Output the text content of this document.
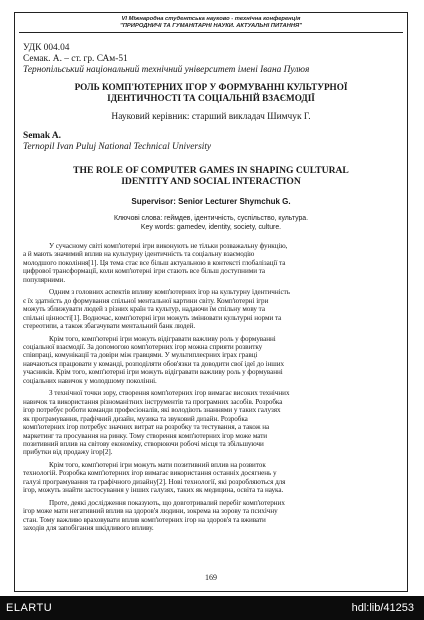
VI Міжнародна студентська науково - технічна конференція
"ПРИРОДНИЧІ ТА ГУМАНІТАРНІ НАУКИ. АКТУАЛЬНІ ПИТАННЯ"
УДК 004.04
Семак. А. – ст. гр. САм-51
Тернопільський національний технічний університет імені Івана Пулюя
РОЛЬ КОМП'ЮТЕРНИХ ІГОР У ФОРМУВАННІ КУЛЬТУРНОЇ
ІДЕНТИЧНОСТІ ТА СОЦІАЛЬНІЙ ВЗАЄМОДІЇ
Науковий керівник: старший викладач Шимчук Г.
Semak A.
Ternopil Ivan Puluj National Technical University
THE ROLE OF COMPUTER GAMES IN SHAPING CULTURAL
IDENTITY AND SOCIAL INTERACTION
Supervisor: Senior Lecturer Shymchuk G.
Ключові слова: геймдев, ідентичність, суспільство, культура.
Key words: gamedev, identity, society, culture.
У сучасному світі комп'ютерні ігри виконують не тільки розважальну функцію,
а й мають значимий вплив на культурну ідентичність та соціальну взаємодію
молодшого покоління[1]. Ця тема стає все більш актуальною в контексті глобалізації та
цифрової трансформації, коли комп'ютерні ігри стають все більш доступними та
популярними.
Одним з головних аспектів впливу комп'ютерних ігор на культурну ідентичність
є їх здатність до формування спільної ментальної картини світу. Комп'ютерні ігри
можуть зближувати людей з різних країн та культур, надаючи їм спільну мову та
спільні цінності[1]. Водночас, комп'ютерні ігри можуть змінювати культурні норми та
стереотипи, а також збагачувати ментальний банк людей.
Крім того, комп'ютерні ігри можуть відігравати важливу роль у формуванні
соціальної взаємодії. За допомогою комп'ютерних ігор можна сприяти розвитку
співпраці, комунікації та довіри між гравцями. У мультиплеєрних іграх гравці
навчаються працювати у команді, розподіляти обов'язки та доводити свої ідеї до інших
учасників. Крім того, комп'ютерні ігри можуть відігравати важливу роль у формуванні
соціальних навичок у молодшому поколінні.
З технічної точки зору, створення комп'ютерних ігор вимагає високих технічних
навичок та використання різноманітних інструментів та програмних засобів. Розробка
ігор потребує роботи команди професіоналів, які володіють знаннями у таких галузях
як програмування, графічний дизайн, музика та звуковий дизайн. Розробка
комп'ютерних ігор потребує значних витрат на розробку та тестування, а також на
маркетинг та просування на ринку. Тому створення комп'ютерних ігор може мати
позитивний вплив на світову економіку, створюючи робочі місця та збільшуючи
прибутки від продажу ігор[2].
Крім того, комп'ютерні ігри можуть мати позитивний вплив на розвиток
технологій. Розробка комп'ютерних ігор вимагає використання останніх досягнень у
галузі програмування та графічного дизайну[2]. Нові технології, які розробляються для
ігор, можуть знайти застосування у інших галузях, таких як медицина, освіта та наука.
Проте, деякі дослідження показують, що довготривалий перебіг комп'ютерних
ігор може мати негативний вплив на здоров'я людини, зокрема на зорову та психічну
стан. Тому важливо враховувати вплив комп'ютерних ігор на здоров'я та вживати
заходів для запобігання шкідливого впливу.
169
ELARTU	hdl:lib/41253
